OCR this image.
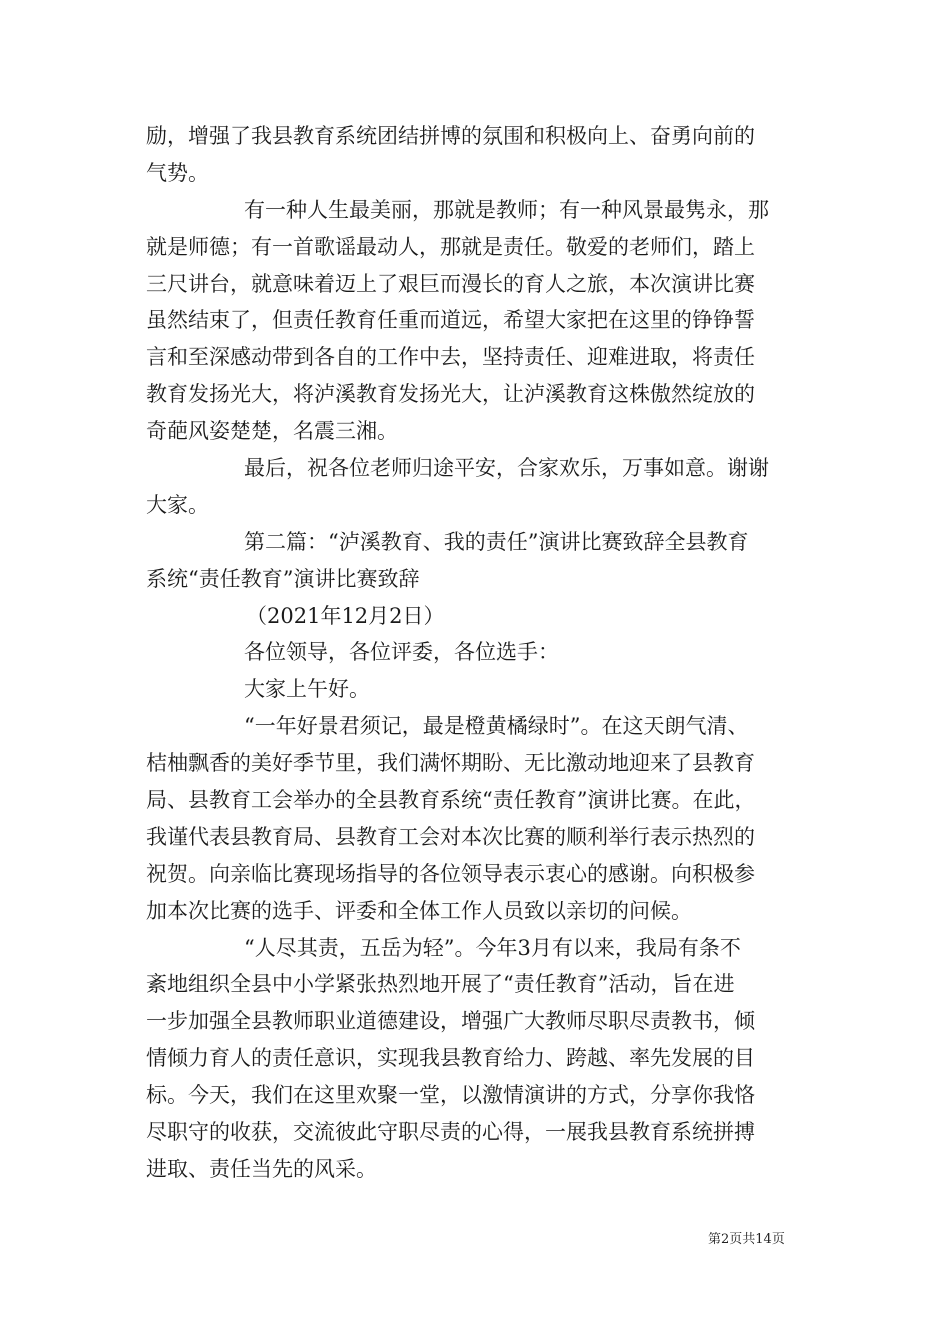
励，增强了我县教育系统团结拼博的氛围和积极向上、奋勇向前的
气势。
有一种人生最美丽，那就是教师；有一种风景最隽永，那
就是师德；有一首歌谣最动人，那就是责任。敬爱的老师们，踏上
三尺讲台，就意味着迈上了艰巨而漫长的育人之旅，本次演讲比赛
虽然结束了，但责任教育任重而道远，希望大家把在这里的铮铮誓
言和至深感动带到各自的工作中去，坚持责任、迎难进取，将责任
教育发扬光大，将泸溪教育发扬光大，让泸溪教育这株傲然绽放的
奇葩风姿楚楚，名震三湘。
最后，祝各位老师归途平安，合家欢乐，万事如意。谢谢
大家。
第二篇：“泸溪教育、我的责任”演讲比赛致辞全县教育
系统“责任教育”演讲比赛致辞
（2021年12月2日）
各位领导，各位评委，各位选手：
大家上午好。
“一年好景君须记，最是橙黄橘绿时”。在这天朗气清、
桔柚飘香的美好季节里，我们满怀期盼、无比激动地迎来了县教育
局、县教育工会举办的全县教育系统“责任教育”演讲比赛。在此，
我谨代表县教育局、县教育工会对本次比赛的顺利举行表示热烈的
祝贺。向亲临比赛现场指导的各位领导表示衷心的感谢。向积极参
加本次比赛的选手、评委和全体工作人员致以亲切的问候。
“人尽其责，五岳为轻”。今年3月有以来，我局有条不
紊地组织全县中小学紧张热烈地开展了“责任教育”活动，旨在进
一步加强全县教师职业道德建设，增强广大教师尽职尽责教书，倾
情倾力育人的责任意识，实现我县教育给力、跨越、率先发展的目
标。今天，我们在这里欢聚一堂，以激情演讲的方式，分享你我恪
尽职守的收获，交流彼此守职尽责的心得，一展我县教育系统拼搏
进取、责任当先的风采。
第2页共14页
